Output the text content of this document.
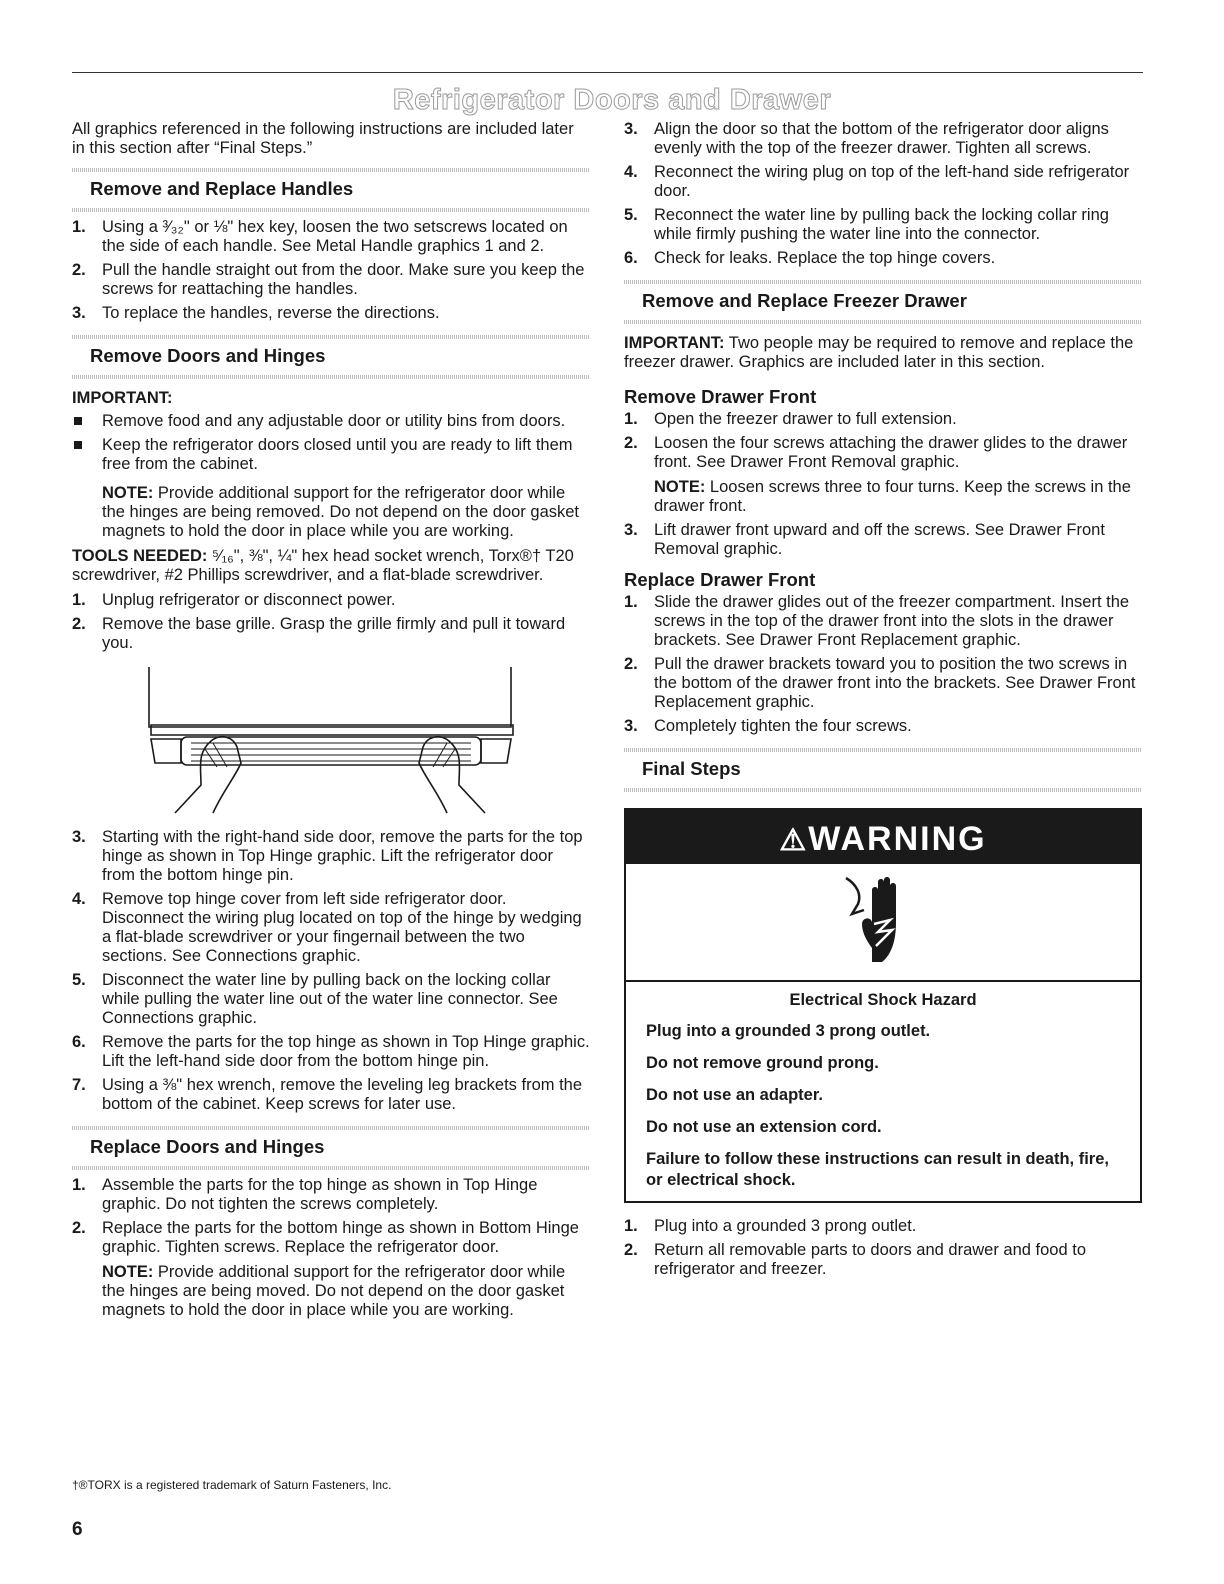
Refrigerator Doors and Drawer

All graphics referenced in the following instructions are included later in this section after “Final Steps.”

Remove and Replace Handles
1. Using a ³⁄₃₂" or ⅛" hex key, loosen the two setscrews located on the side of each handle. See Metal Handle graphics 1 and 2.
2. Pull the handle straight out from the door. Make sure you keep the screws for reattaching the handles.
3. To replace the handles, reverse the directions.
Remove Doors and Hinges

IMPORTANT:

Remove food and any adjustable door or utility bins from doors.
Keep the refrigerator doors closed until you are ready to lift them free from the cabinet.

NOTE: Provide additional support for the refrigerator door while the hinges are being removed. Do not depend on the door gasket magnets to hold the door in place while you are working.

TOOLS NEEDED: ⁵⁄₁₆", ⅜", ¼" hex head socket wrench, Torx®† T20 screwdriver, #2 Phillips screwdriver, and a flat-blade screwdriver.

1. Unplug refrigerator or disconnect power.
2. Remove the base grille. Grasp the grille firmly and pull it toward you.
3. Starting with the right-hand side door, remove the parts for the top hinge as shown in Top Hinge graphic. Lift the refrigerator door from the bottom hinge pin.
4. Remove top hinge cover from left side refrigerator door. Disconnect the wiring plug located on top of the hinge by wedging a flat-blade screwdriver or your fingernail between the two sections. See Connections graphic.
5. Disconnect the water line by pulling back on the locking collar while pulling the water line out of the water line connector. See Connections graphic.
6. Remove the parts for the top hinge as shown in Top Hinge graphic. Lift the left-hand side door from the bottom hinge pin.
7. Using a ⅜" hex wrench, remove the leveling leg brackets from the bottom of the cabinet. Keep screws for later use.
Replace Doors and Hinges
1. Assemble the parts for the top hinge as shown in Top Hinge graphic. Do not tighten the screws completely.
2. Replace the parts for the bottom hinge as shown in Bottom Hinge graphic. Tighten screws. Replace the refrigerator door.

NOTE: Provide additional support for the refrigerator door while the hinges are being moved. Do not depend on the door gasket magnets to hold the door in place while you are working.

3. Align the door so that the bottom of the refrigerator door aligns evenly with the top of the freezer drawer. Tighten all screws.
4. Reconnect the wiring plug on top of the left-hand side refrigerator door.
5. Reconnect the water line by pulling back the locking collar ring while firmly pushing the water line into the connector.
6. Check for leaks. Replace the top hinge covers.
Remove and Replace Freezer Drawer

IMPORTANT: Two people may be required to remove and replace the freezer drawer. Graphics are included later in this section.

Remove Drawer Front
1. Open the freezer drawer to full extension.
2. Loosen the four screws attaching the drawer glides to the drawer front. See Drawer Front Removal graphic.

NOTE: Loosen screws three to four turns. Keep the screws in the drawer front.

3. Lift drawer front upward and off the screws. See Drawer Front Removal graphic.
Replace Drawer Front
1. Slide the drawer glides out of the freezer compartment. Insert the screws in the top of the drawer front into the slots in the drawer brackets. See Drawer Front Replacement graphic.
2. Pull the drawer brackets toward you to position the two screws in the bottom of the drawer front into the brackets. See Drawer Front Replacement graphic.
3. Completely tighten the four screws.
Final Steps
⚠WARNING
Electrical Shock Hazard
Plug into a grounded 3 prong outlet.
Do not remove ground prong.
Do not use an adapter.
Do not use an extension cord.
Failure to follow these instructions can result in death, fire, or electrical shock.
1. Plug into a grounded 3 prong outlet.
2. Return all removable parts to doors and drawer and food to refrigerator and freezer.
†®TORX is a registered trademark of Saturn Fasteners, Inc.
6
